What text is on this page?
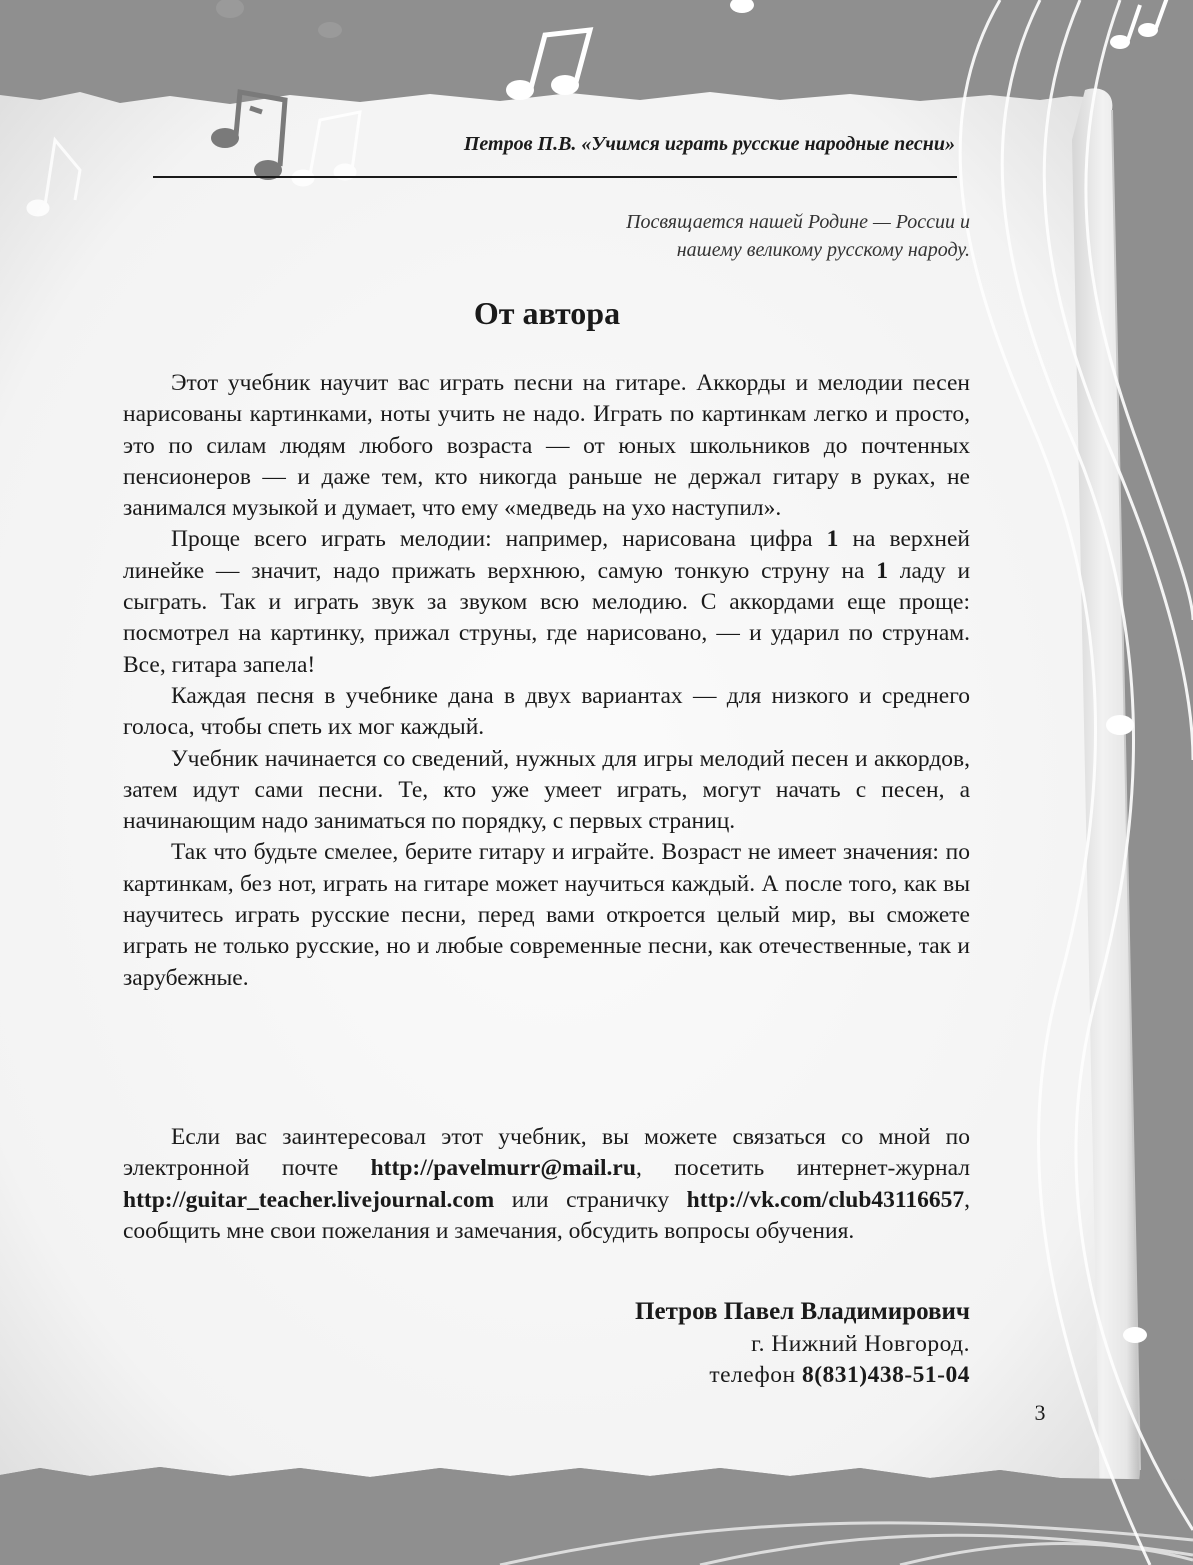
Петров П.В. «Учимся играть русские народные песни»
Посвящается нашей Родине — России и
нашему великому русскому народу.
От автора

Этот учебник научит вас играть песни на гитаре. Аккорды и мелодии песен нарисованы картинками, ноты учить не надо. Играть по картинкам легко и просто, это по силам людям любого возраста — от юных школьников до почтенных пенсионеров — и даже тем, кто никогда раньше не держал гитару в руках, не занимался музыкой и думает, что ему «медведь на ухо наступил».

Проще всего играть мелодии: например, нарисована цифра 1 на верхней линейке — значит, надо прижать верхнюю, самую тонкую струну на 1 ладу и сыграть. Так и играть звук за звуком всю мелодию. С аккордами еще проще: посмотрел на картинку, прижал струны, где нарисовано, — и ударил по струнам. Все, гитара запела!

Каждая песня в учебнике дана в двух вариантах — для низкого и среднего голоса, чтобы спеть их мог каждый.

Учебник начинается со сведений, нужных для игры мелодий песен и аккордов, затем идут сами песни. Те, кто уже умеет играть, могут начать с песен, а начинающим надо заниматься по порядку, с первых страниц.

Так что будьте смелее, берите гитару и играйте. Возраст не имеет значения: по картинкам, без нот, играть на гитаре может научиться каждый. А после того, как вы научитесь играть русские песни, перед вами откроется целый мир, вы сможете играть не только русские, но и любые современные песни, как отечественные, так и зарубежные.

Если вас заинтересовал этот учебник, вы можете связаться со мной по электронной почте http://pavelmurr@mail.ru, посетить интернет-журнал http://guitar_teacher.livejournal.com или страничку http://vk.com/club43116657, сообщить мне свои пожелания и замечания, обсудить вопросы обучения.

Петров Павел Владимирович
г. Нижний Новгород.
телефон 8(831)438-51-04
3
